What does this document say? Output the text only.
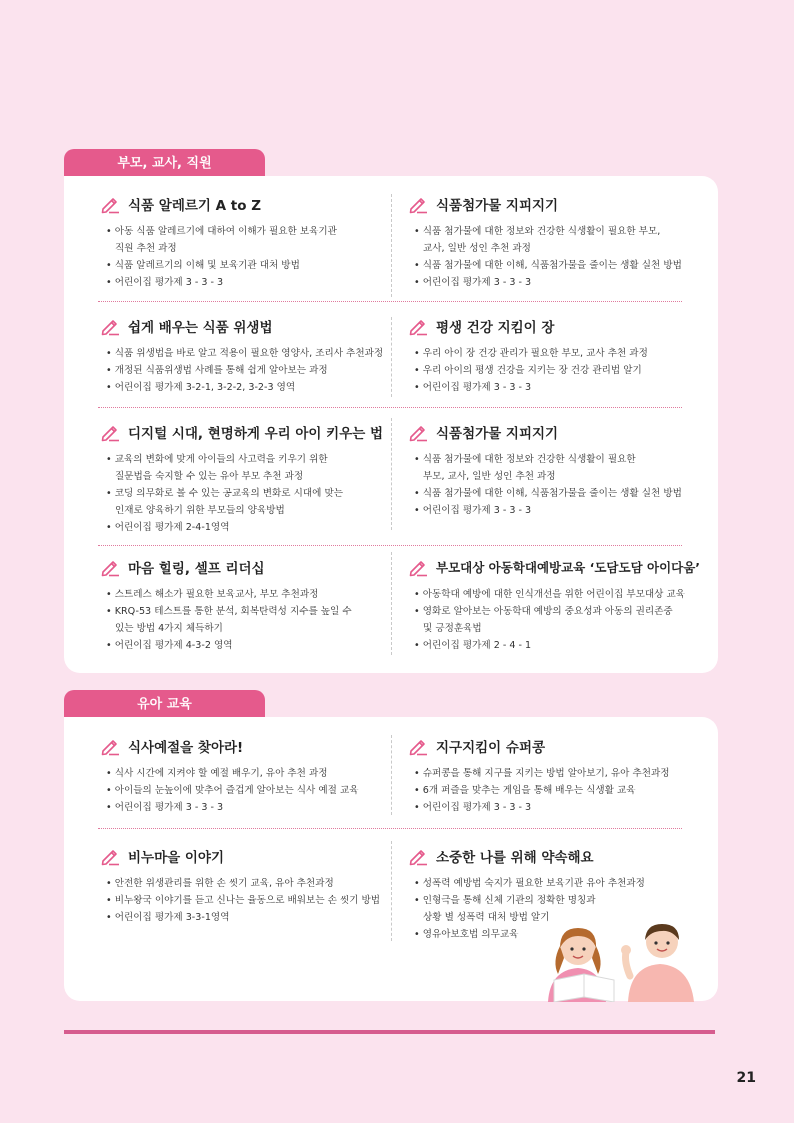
부모, 교사, 직원
식품 알레르기 A to Z
• 아동 식품 알레르기에 대하여 이해가 필요한 보육기관
직원 추천 과정
• 식품 알레르기의 이해 및 보육기관 대처 방법
• 어린이집 평가제 3 - 3 - 3
식품첨가물 지피지기
• 식품 첨가물에 대한 정보와 건강한 식생활이 필요한 부모,
교사, 일반 성인 추천 과정
• 식품 첨가물에 대한 이해, 식품첨가물을 줄이는 생활 실천 방법
• 어린이집 평가제 3 - 3 - 3
쉽게 배우는 식품 위생법
• 식품 위생법을 바로 알고 적용이 필요한 영양사, 조리사 추천과정
• 개정된 식품위생법 사례를 통해 쉽게 알아보는 과정
• 어린이집 평가제 3-2-1, 3-2-2, 3-2-3 영역
평생 건강 지킴이 장
• 우리 아이 장 건강 관리가 필요한 부모, 교사 추천 과정
• 우리 아이의 평생 건강을 지키는 장 건강 관리법 알기
• 어린이집 평가제 3 - 3 - 3
디지털 시대, 현명하게 우리 아이 키우는 법
• 교육의 변화에 맞게 아이들의 사고력을 키우기 위한
질문법을 숙지할 수 있는 유아 부모 추천 과정
• 코딩 의무화로 볼 수 있는 공교육의 변화로 시대에 맞는
인재로 양육하기 위한 부모들의 양육방법
• 어린이집 평가제 2-4-1영역
식품첨가물 지피지기
• 식품 첨가물에 대한 정보와 건강한 식생활이 필요한
부모, 교사, 일반 성인 추천 과정
• 식품 첨가물에 대한 이해, 식품첨가물을 줄이는 생활 실천 방법
• 어린이집 평가제 3 - 3 - 3
마음 힐링, 셀프 리더십
• 스트레스 해소가 필요한 보육교사, 부모 추천과정
• KRQ-53 테스트를 통한 분석, 회복탄력성 지수를 높일 수
있는 방법 4가지 체득하기
• 어린이집 평가제 4-3-2 영역
부모대상 아동학대예방교육 ‘도담도담 아이다움’
• 아동학대 예방에 대한 인식개선을 위한 어린이집 부모대상 교육
• 영화로 알아보는 아동학대 예방의 중요성과 아동의 권리존중
및 긍정훈육법
• 어린이집 평가제 2 - 4 - 1
유아 교육
식사예절을 찾아라!
• 식사 시간에 지켜야 할 예절 배우기, 유아 추천 과정
• 아이들의 눈높이에 맞추어 즐겁게 알아보는 식사 예절 교육
• 어린이집 평가제 3 - 3 - 3
지구지킴이 슈퍼콩
• 슈퍼콩을 통해 지구를 지키는 방법 알아보기, 유아 추천과정
• 6개 퍼즐을 맞추는 게임을 통해 배우는 식생활 교육
• 어린이집 평가제 3 - 3 - 3
비누마을 이야기
• 안전한 위생관리를 위한 손 씻기 교육, 유아 추천과정
• 비누왕국 이야기를 듣고 신나는 율동으로 배워보는 손 씻기 방법
• 어린이집 평가제 3-3-1영역
소중한 나를 위해 약속해요
• 성폭력 예방법 숙지가 필요한 보육기관 유아 추천과정
• 인형극을 통해 신체 기관의 정확한 명칭과
상황 별 성폭력 대처 방법 알기
• 영유아보호법 의무교육
21
